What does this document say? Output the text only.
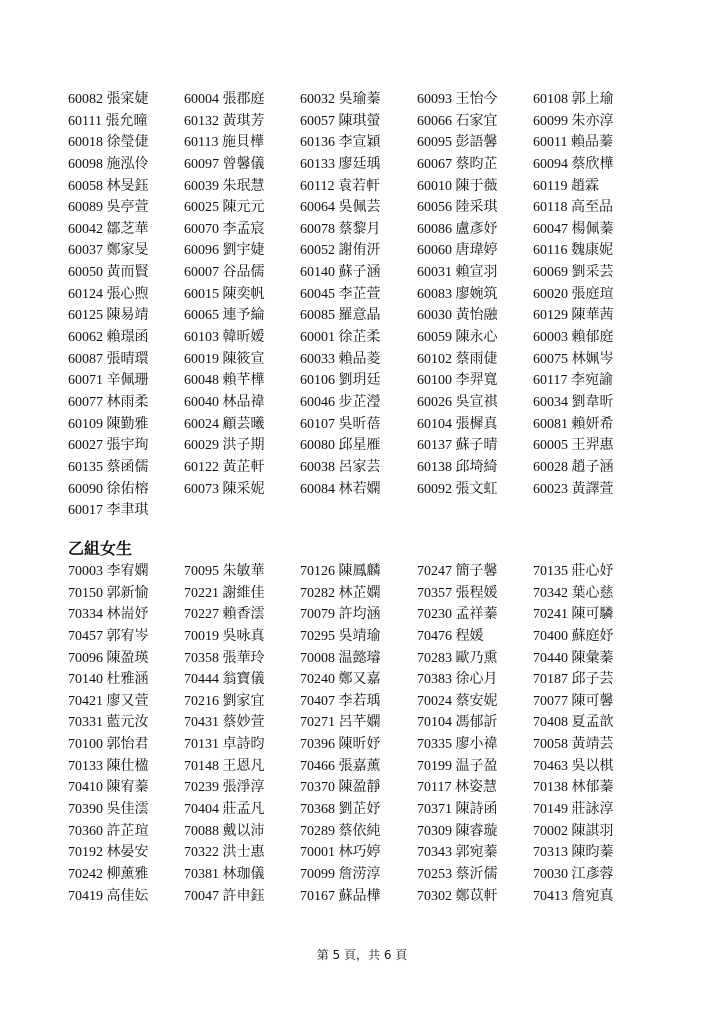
60082 張寀婕	60004 張郡庭	60032 吳瑜蓁	60093 王怡今	60108 郭上瑜
60111 張允曈	60132 黃琪芳	60057 陳琪螢	60066 石家宜	60099 朱亦淳
60018 徐瑩倢	60113 施貝樺	60136 李宣穎	60095 彭語馨	60011 賴品蓁
60098 施泓伶	60097 曾馨儀	60133 廖廷瑀	60067 蔡昀芷	60094 蔡欣樺
60058 林旻鈺	60039 朱珉慧	60112 袁若軒	60010 陳于薇	60119 趙霖
60089 吳亭萱	60025 陳元元	60064 吳佩芸	60056 陸采琪	60118 高至品
60042 鄒芝華	60070 李孟宸	60078 蔡黎月	60086 盧彥妤	60047 楊佩蓁
60037 鄭家旻	60096 劉宇婕	60052 謝侑汧	60060 唐瑋婷	60116 魏康妮
60050 黃而賢	60007 谷品儒	60140 蘇子涵	60031 賴宣羽	60069 劉采芸
60124 張心煦	60015 陳奕帆	60045 李芷萱	60083 廖婉筑	60020 張庭瑄
60125 陳易靖	60065 連予綸	60085 羅意晶	60030 黃怡融	60129 陳華茜
60062 賴璟函	60103 韓昕嫒	60001 徐芷柔	60059 陳永心	60003 賴郁庭
60087 張晴環	60019 陳筱宣	60033 賴品菱	60102 蔡雨倢	60075 林姵岑
60071 辛佩珊	60048 賴芊樺	60106 劉玥廷	60100 李羿寬	60117 李宛諭
60077 林雨柔	60040 林品禕	60046 步芷瀅	60026 吳宣祺	60034 劉韋昕
60109 陳勤雅	60024 顧芸曦	60107 吳昕蓓	60104 張樨真	60081 賴妍希
60027 張宇珣	60029 洪子期	60080 邱星雁	60137 蘇子晴	60005 王羿惠
60135 蔡函儒	60122 黃芷軒	60038 呂家芸	60138 邱埼綺	60028 趙子涵
60090 徐佑榕	60073 陳采妮	60084 林若嫻	60092 張文虹	60023 黃譯萱
60017 李聿琪
乙組女生
70003 李宥嫻	70095 朱敏華	70126 陳鳳麟	70247 簡子馨	70135 莊心妤
70150 郭新愉	70221 謝維佳	70282 林芷嫻	70357 張程媛	70342 葉心慈
70334 林耑妤	70227 賴香澐	70079 許均涵	70230 孟祥蓁	70241 陳可驎
70457 郭宥岑	70019 吳咏真	70295 吳靖瑜	70476 程媛	70400 蘇庭妤
70096 陳盈瑛	70358 張華玲	70008 温懿璿	70283 歐乃熏	70440 陳彙蓁
70140 杜雅涵	70444 翁寶儀	70240 鄭又嘉	70383 徐心月	70187 邱子芸
70421 廖又萱	70216 劉家宜	70407 李若瑀	70024 蔡安妮	70077 陳可馨
70331 藍元汝	70431 蔡妙萱	70271 呂芊嫻	70104 馮郁訢	70408 夏孟歆
70100 郭怡君	70131 卓詩昀	70396 陳昕妤	70335 廖小禕	70058 黃靖芸
70133 陳仕楹	70148 王恩凡	70466 張嘉薰	70199 温子盈	70463 吳以棋
70410 陳宥蓁	70239 張淨淳	70370 陳盈靜	70117 林姿慧	70138 林郁蓁
70390 吳佳澐	70404 莊孟凡	70368 劉芷妤	70371 陳詩函	70149 莊詠淳
70360 許芷瑄	70088 戴以沛	70289 蔡依純	70309 陳睿璇	70002 陳諆羽
70192 林晏安	70322 洪士惠	70001 林巧婷	70343 郭宛蓁	70313 陳昀蓁
70242 柳薰雅	70381 林珈儀	70099 詹涝淳	70253 蔡沂儒	70030 江彥蓉
70419 高佳妘	70047 許申鈺	70167 蘇品樺	70302 鄭苡軒	70413 詹宛真
第 5 頁，共 6 頁
